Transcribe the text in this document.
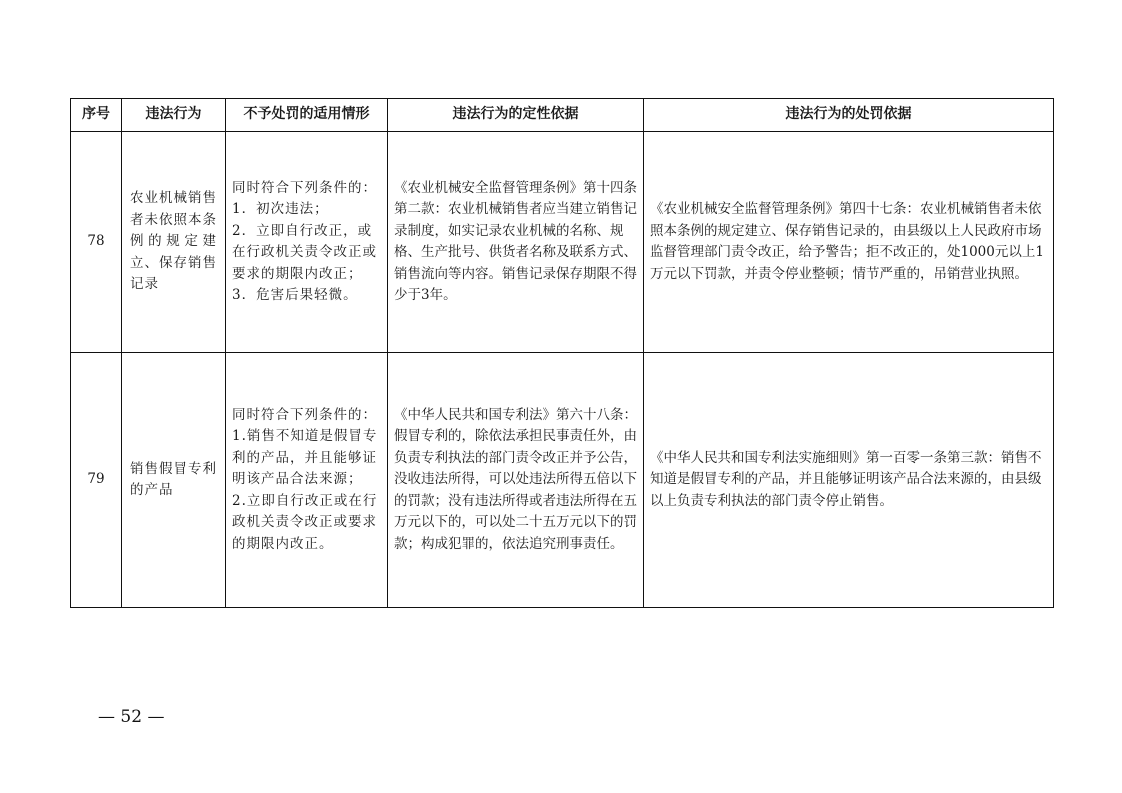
序号	违法行为	不予处罚的适用情形	违法行为的定性依据	违法行为的处罚依据
78	农业机械销售者未依照本条例的规定建立、保存销售记录	同时符合下列条件的：
1．初次违法；
2．立即自行改正，或在行政机关责令改正或要求的期限内改正；
3．危害后果轻微。	《农业机械安全监督管理条例》第十四条第二款：农业机械销售者应当建立销售记录制度，如实记录农业机械的名称、规格、生产批号、供货者名称及联系方式、销售流向等内容。销售记录保存期限不得少于3年。	《农业机械安全监督管理条例》第四十七条：农业机械销售者未依照本条例的规定建立、保存销售记录的，由县级以上人民政府市场监督管理部门责令改正，给予警告；拒不改正的，处1000元以上1万元以下罚款，并责令停业整顿；情节严重的，吊销营业执照。
79	销售假冒专利的产品	同时符合下列条件的：
1.销售不知道是假冒专利的产品，并且能够证明该产品合法来源；
2.立即自行改正或在行政机关责令改正或要求的期限内改正。	《中华人民共和国专利法》第六十八条：假冒专利的，除依法承担民事责任外，由负责专利执法的部门责令改正并予公告，没收违法所得，可以处违法所得五倍以下的罚款；没有违法所得或者违法所得在五万元以下的，可以处二十五万元以下的罚款；构成犯罪的，依法追究刑事责任。	《中华人民共和国专利法实施细则》第一百零一条第三款：销售不知道是假冒专利的产品，并且能够证明该产品合法来源的，由县级以上负责专利执法的部门责令停止销售。
— 52 —
